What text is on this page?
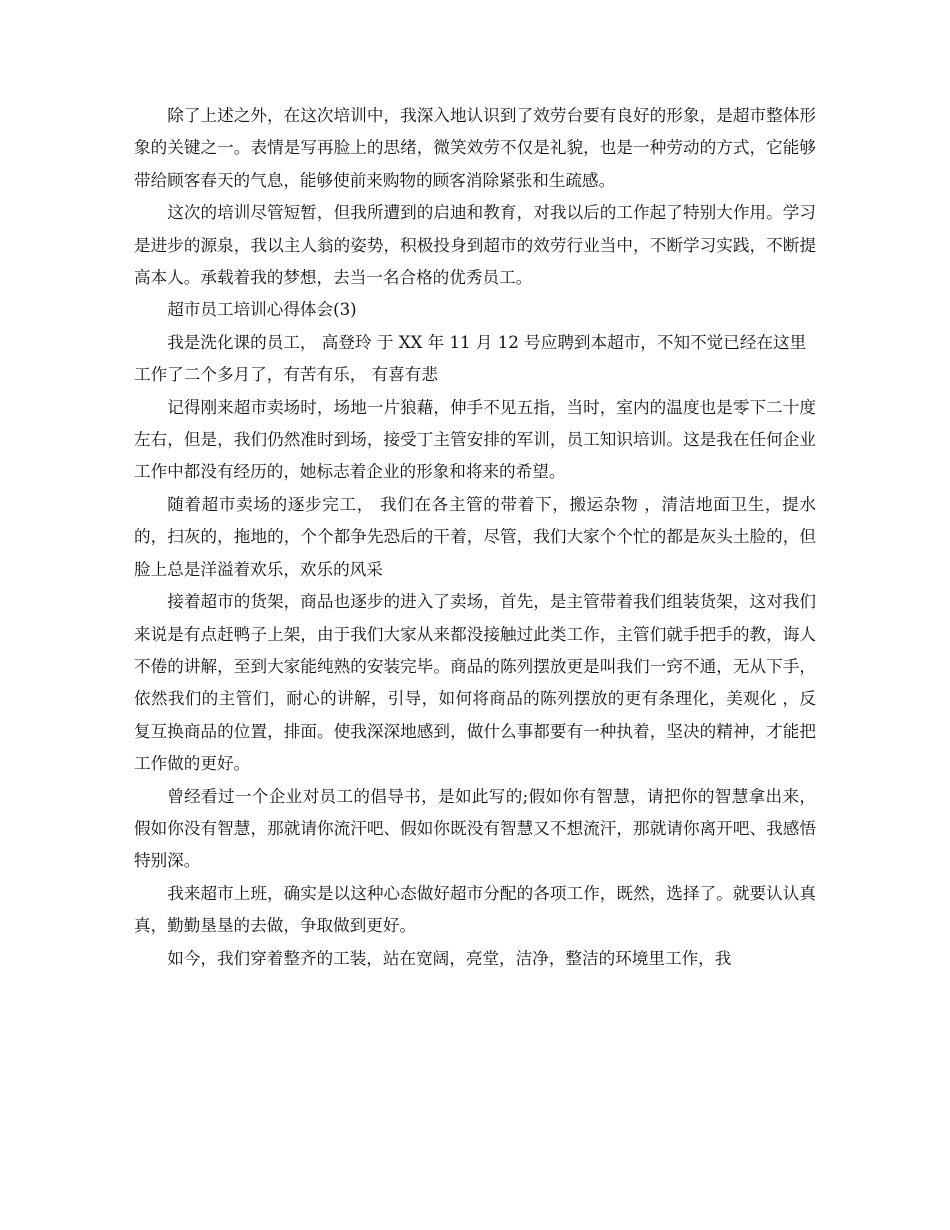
除了上述之外，在这次培训中，我深入地认识到了效劳台要有良好的形象，是超市整体形象的关键之一。表情是写再脸上的思绪，微笑效劳不仅是礼貌，也是一种劳动的方式，它能够带给顾客春天的气息，能够使前来购物的顾客消除紧张和生疏感。

这次的培训尽管短暂，但我所遭到的启迪和教育，对我以后的工作起了特别大作用。学习是进步的源泉，我以主人翁的姿势，积极投身到超市的效劳行业当中，不断学习实践，不断提高本人。承载着我的梦想，去当一名合格的优秀员工。

超市员工培训心得体会(3)

我是洗化课的员工， 高登玲 于 XX 年 11 月 12 号应聘到本超市，不知不觉已经在这里工作了二个多月了，有苦有乐， 有喜有悲

记得刚来超市卖场时，场地一片狼藉，伸手不见五指，当时，室内的温度也是零下二十度左右，但是，我们仍然准时到场，接受丁主管安排的军训，员工知识培训。这是我在任何企业工作中都没有经历的，她标志着企业的形象和将来的希望。

随着超市卖场的逐步完工， 我们在各主管的带着下，搬运杂物 ，清洁地面卫生，提水的，扫灰的，拖地的，个个都争先恐后的干着，尽管，我们大家个个忙的都是灰头土脸的，但脸上总是洋溢着欢乐，欢乐的风采

接着超市的货架，商品也逐步的进入了卖场，首先，是主管带着我们组装货架，这对我们来说是有点赶鸭子上架，由于我们大家从来都没接触过此类工作，主管们就手把手的教，诲人不倦的讲解，至到大家能纯熟的安装完毕。商品的陈列摆放更是叫我们一窍不通，无从下手，依然我们的主管们，耐心的讲解，引导，如何将商品的陈列摆放的更有条理化，美观化 ，反复互换商品的位置，排面。使我深深地感到，做什么事都要有一种执着，坚决的精神，才能把工作做的更好。

曾经看过一个企业对员工的倡导书，是如此写的;假如你有智慧，请把你的智慧拿出来，假如你没有智慧，那就请你流汗吧、假如你既没有智慧又不想流汗，那就请你离开吧、我感悟特别深。

我来超市上班，确实是以这种心态做好超市分配的各项工作，既然，选择了。就要认认真真，勤勤垦垦的去做，争取做到更好。

如今，我们穿着整齐的工装，站在宽阔，亮堂，洁净，整洁的环境里工作，我
